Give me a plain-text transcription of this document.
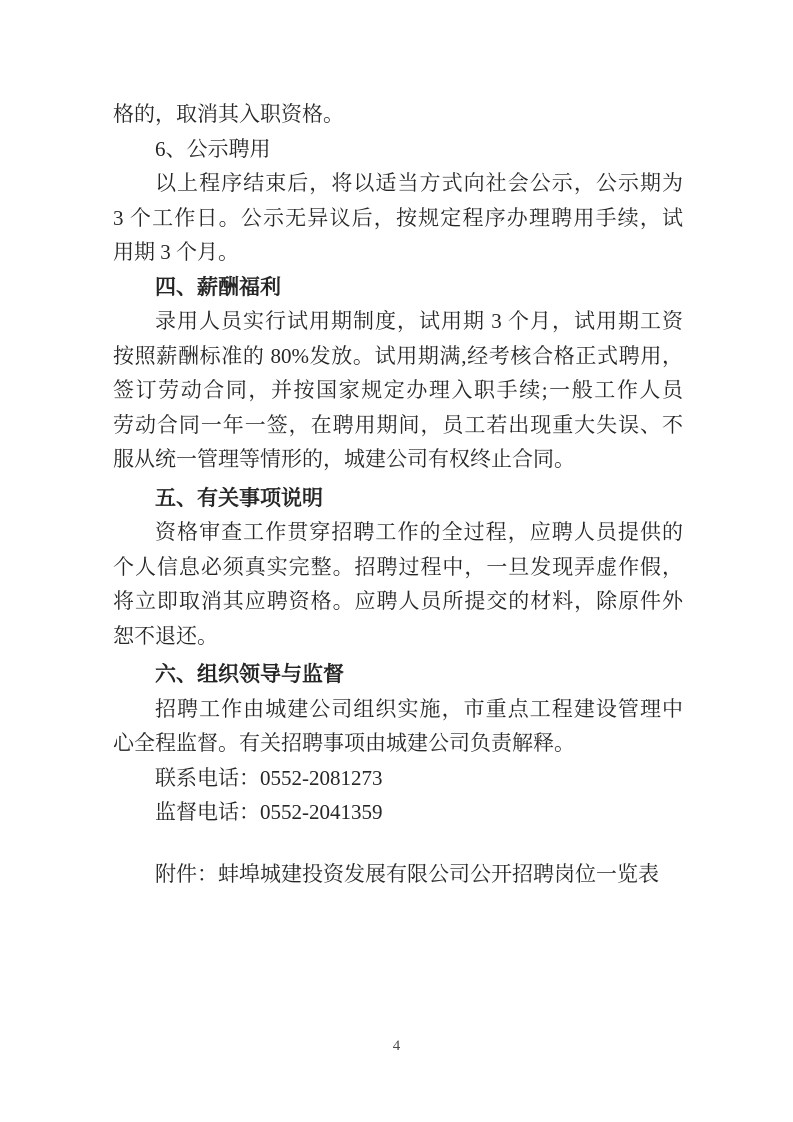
格的，取消其入职资格。
6、公示聘用
以上程序结束后，将以适当方式向社会公示，公示期为
3 个工作日。公示无异议后，按规定程序办理聘用手续，试
用期 3 个月。
四、薪酬福利
录用人员实行试用期制度，试用期 3 个月，试用期工资
按照薪酬标准的 80%发放。试用期满,经考核合格正式聘用，
签订劳动合同，并按国家规定办理入职手续;一般工作人员
劳动合同一年一签，在聘用期间，员工若出现重大失误、不
服从统一管理等情形的，城建公司有权终止合同。
五、有关事项说明
资格审查工作贯穿招聘工作的全过程，应聘人员提供的
个人信息必须真实完整。招聘过程中，一旦发现弄虚作假，
将立即取消其应聘资格。应聘人员所提交的材料，除原件外
恕不退还。
六、组织领导与监督
招聘工作由城建公司组织实施，市重点工程建设管理中
心全程监督。有关招聘事项由城建公司负责解释。
联系电话：0552-2081273
监督电话：0552-2041359
附件：蚌埠城建投资发展有限公司公开招聘岗位一览表
4
